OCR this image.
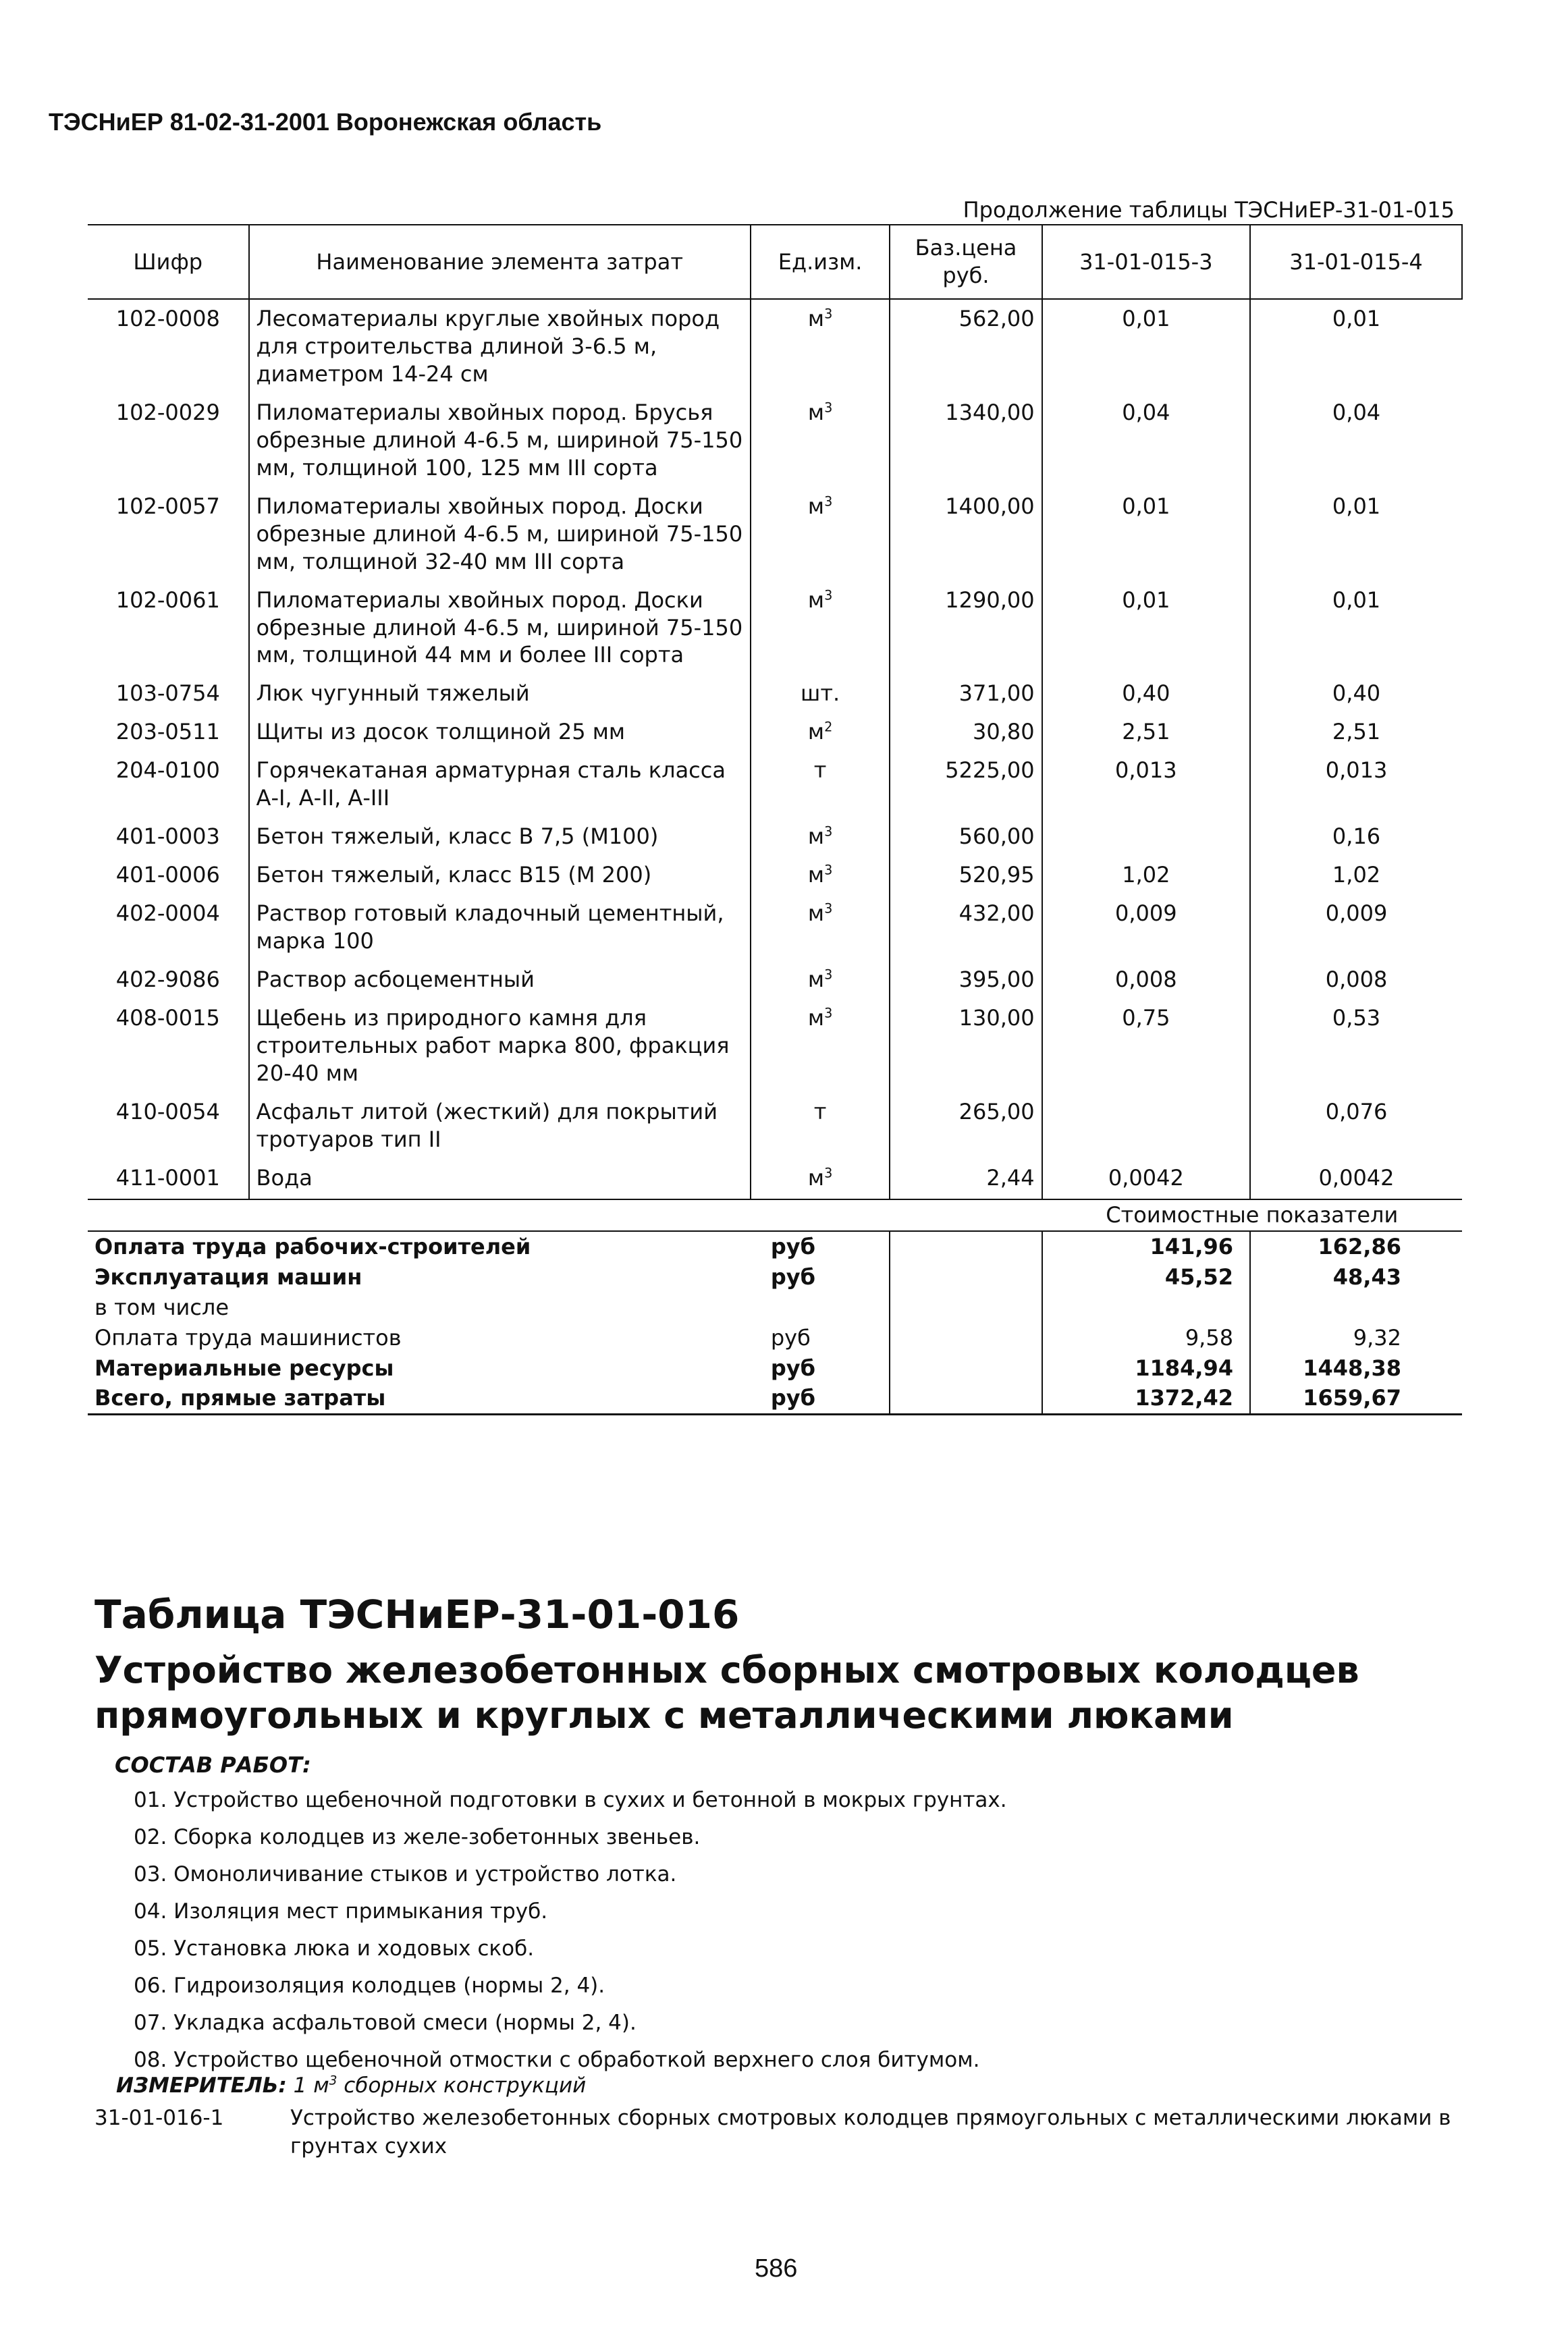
ТЭСНиЕР 81-02-31-2001 Воронежская область
Продолжение таблицы ТЭСНиЕР-31-01-015
Шифр	Наименование элемента затрат	Ед.изм.	Баз.цена руб.	31-01-015-3	31-01-015-4
102-0008	Лесоматериалы круглые хвойных пород для строительства длиной 3-6.5 м, диаметром 14-24 см	$м^3$	562,00	0,01	0,01
102-0029	Пиломатериалы хвойных пород. Брусья обрезные длиной 4-6.5 м, шириной 75-150 мм, толщиной 100, 125 мм III сорта	$м^3$	1340,00	0,04	0,04
102-0057	Пиломатериалы хвойных пород. Доски обрезные длиной 4-6.5 м, шириной 75-150 мм, толщиной 32-40 мм III сорта	$м^3$	1400,00	0,01	0,01
102-0061	Пиломатериалы хвойных пород. Доски обрезные длиной 4-6.5 м, шириной 75-150 мм, толщиной 44 мм и более III сорта	$м^3$	1290,00	0,01	0,01
103-0754	Люк чугунный тяжелый	шт.	371,00	0,40	0,40
203-0511	Щиты из досок толщиной 25 мм	$м^2$	30,80	2,51	2,51
204-0100	Горячекатаная арматурная сталь класса А-I, А-II, А-III	т	5225,00	0,013	0,013
401-0003	Бетон тяжелый, класс В 7,5 (М100)	$м^3$	560,00		0,16
401-0006	Бетон тяжелый, класс В15 (М 200)	$м^3$	520,95	1,02	1,02
402-0004	Раствор готовый кладочный цементный, марка 100	$м^3$	432,00	0,009	0,009
402-9086	Раствор асбоцементный	$м^3$	395,00	0,008	0,008
408-0015	Щебень из природного камня для строительных работ марка 800, фракция 20-40 мм	$м^3$	130,00	0,75	0,53
410-0054	Асфальт литой (жесткий) для покрытий тротуаров тип II	т	265,00		0,076
411-0001	Вода	$м^3$	2,44	0,0042	0,0042
				Стоимостные показатели	
Оплата труда рабочих-строителей		руб		141,96	162,86
Эксплуатация машин		руб		45,52	48,43
в том числе					
Оплата труда машинистов		руб		9,58	9,32
Материальные ресурсы		руб		1184,94	1448,38
Всего, прямые затраты		руб		1372,42	1659,67
Таблица ТЭСНиЕР-31-01-016
Устройство железобетонных сборных смотровых колодцев прямоугольных и круглых с металлическими люками
СОСТАВ РАБОТ:
01. Устройство щебеночной подготовки в сухих и бетонной в мокрых грунтах.
02. Сборка колодцев из желе-зобетонных звеньев.
03. Омоноличивание стыков и устройство лотка.
04. Изоляция мест примыкания труб.
05. Установка люка и ходовых скоб.
06. Гидроизоляция колодцев (нормы 2, 4).
07. Укладка асфальтовой смеси (нормы 2, 4).
08. Устройство щебеночной отмостки с обработкой верхнего слоя битумом.
ИЗМЕРИТЕЛЬ: 1 $м^3$ сборных конструкций
31-01-016-1	Устройство железобетонных сборных смотровых колодцев прямоугольных с металлическими люками в грунтах сухих
586
